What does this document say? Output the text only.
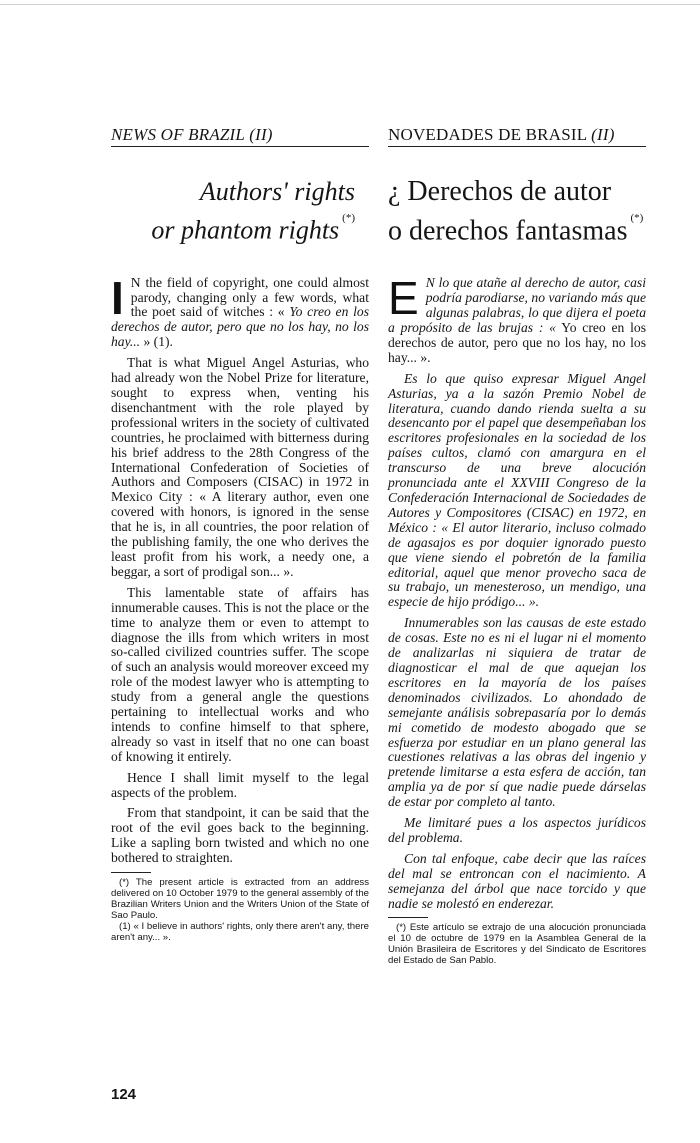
NEWS OF BRAZIL (II)
Authors' rights
or phantom rights (*)

I N the field of copyright, one could almost parody, changing only a few words, what the poet said of witches : « Yo creo en los derechos de autor, pero que no los hay, no los hay... » (1).

That is what Miguel Angel Asturias, who had already won the Nobel Prize for literature, sought to express when, venting his disenchantment with the role played by professional writers in the society of cultivated countries, he proclaimed with bitterness during his brief address to the 28th Congress of the International Confederation of Societies of Authors and Composers (CISAC) in 1972 in Mexico City : « A literary author, even one covered with honors, is ignored in the sense that he is, in all countries, the poor relation of the publishing family, the one who derives the least profit from his work, a needy one, a beggar, a sort of prodigal son... ».

This lamentable state of affairs has innumerable causes. This is not the place or the time to analyze them or even to attempt to diagnose the ills from which writers in most so-called civilized countries suffer. The scope of such an analysis would moreover exceed my role of the modest lawyer who is attempting to study from a general angle the questions pertaining to intellectual works and who intends to confine himself to that sphere, already so vast in itself that no one can boast of knowing it entirely.

Hence I shall limit myself to the legal aspects of the problem.

From that standpoint, it can be said that the root of the evil goes back to the beginning. Like a sapling born twisted and which no one bothered to straighten.

(*) The present article is extracted from an address delivered on 10 October 1979 to the general assembly of the Brazilian Writers Union and the Writers Union of the State of Sao Paulo.

(1) « I believe in authors' rights, only there aren't any, there aren't any... ».

NOVEDADES DE BRASIL (II)
¿ Derechos de autor
o derechos fantasmas (*)

E N lo que atañe al derecho de autor, casi podría parodiarse, no variando más que algunas palabras, lo que dijera el poeta a propósito de las brujas : « Yo creo en los derechos de autor, pero que no los hay, no los hay... ».

Es lo que quiso expresar Miguel Angel Asturias, ya a la sazón Premio Nobel de literatura, cuando dando rienda suelta a su desencanto por el papel que desempeñaban los escritores profesionales en la sociedad de los países cultos, clamó con amargura en el transcurso de una breve alocución pronunciada ante el XXVIII Congreso de la Confederación Internacional de Sociedades de Autores y Compositores (CISAC) en 1972, en México : « El autor literario, incluso colmado de agasajos es por doquier ignorado puesto que viene siendo el pobretón de la familia editorial, aquel que menor provecho saca de su trabajo, un menesteroso, un mendigo, una especie de hijo pródigo... ».

Innumerables son las causas de este estado de cosas. Este no es ni el lugar ni el momento de analizarlas ni siquiera de tratar de diagnosticar el mal de que aquejan los escritores en la mayoría de los países denominados civilizados. Lo ahondado de semejante análisis sobrepasaría por lo demás mi cometido de modesto abogado que se esfuerza por estudiar en un plano general las cuestiones relativas a las obras del ingenio y pretende limitarse a esta esfera de acción, tan amplia ya de por sí que nadie puede dárselas de estar por completo al tanto.

Me limitaré pues a los aspectos jurídicos del problema.

Con tal enfoque, cabe decir que las raíces del mal se entroncan con el nacimiento. A semejanza del árbol que nace torcido y que nadie se molestó en enderezar.

(*) Este artículo se extrajo de una alocución pronunciada el 10 de octubre de 1979 en la Asamblea General de la Unión Brasileira de Escritores y del Sindicato de Escritores del Estado de San Pablo.

124
